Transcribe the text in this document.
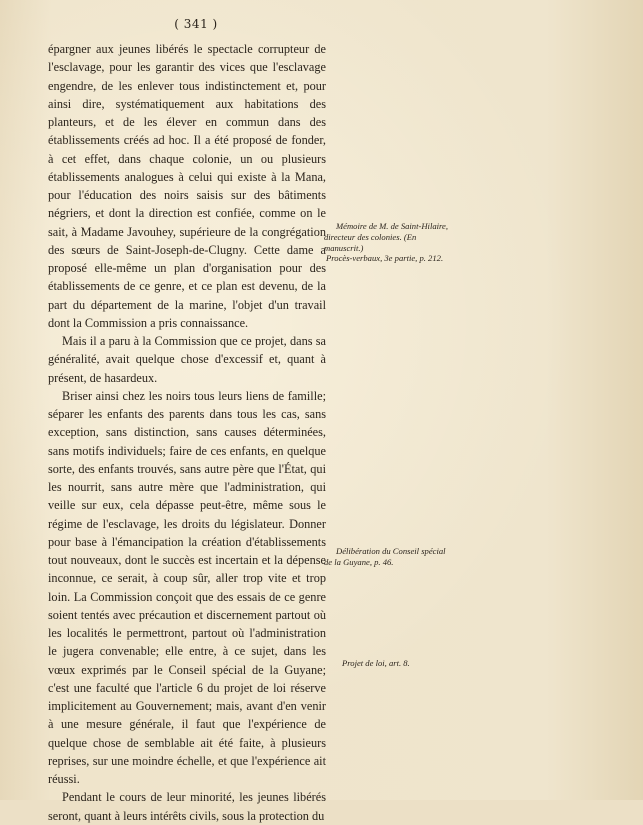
( 341 )

épargner aux jeunes libérés le spectacle corrupteur de l'esclavage, pour les garantir des vices que l'esclavage engendre, de les enlever tous indistinctement et, pour ainsi dire, systématiquement aux habitations des planteurs, et de les élever en commun dans des établissements créés ad hoc. Il a été proposé de fonder, à cet effet, dans chaque colonie, un ou plusieurs établissements analogues à celui qui existe à la Mana, pour l'éducation des noirs saisis sur des bâtiments négriers, et dont la direction est confiée, comme on le sait, à Madame Javouhey, supérieure de la congrégation des sœurs de Saint-Joseph-de-Clugny. Cette dame a proposé elle-même un plan d'organisation pour des établissements de ce genre, et ce plan est devenu, de la part du département de la marine, l'objet d'un travail dont la Commission a pris connaissance.

Mais il a paru à la Commission que ce projet, dans sa généralité, avait quelque chose d'excessif et, quant à présent, de hasardeux.

Briser ainsi chez les noirs tous leurs liens de famille; séparer les enfants des parents dans tous les cas, sans exception, sans distinction, sans causes déterminées, sans motifs individuels; faire de ces enfants, en quelque sorte, des enfants trouvés, sans autre père que l'État, qui les nourrit, sans autre mère que l'administration, qui veille sur eux, cela dépasse peut-être, même sous le régime de l'esclavage, les droits du législateur. Donner pour base à l'émancipation la création d'établissements tout nouveaux, dont le succès est incertain et la dépense inconnue, ce serait, à coup sûr, aller trop vite et trop loin. La Commission conçoit que des essais de ce genre soient tentés avec précaution et discernement partout où les localités le permettront, partout où l'administration le jugera convenable; elle entre, à ce sujet, dans les vœux exprimés par le Conseil spécial de la Guyane; c'est une faculté que l'article 6 du projet de loi réserve implicitement au Gouvernement; mais, avant d'en venir à une mesure générale, il faut que l'expérience de quelque chose de semblable ait été faite, à plusieurs reprises, sur une moindre échelle, et que l'expérience ait réussi.

Pendant le cours de leur minorité, les jeunes libérés seront, quant à leurs intérêts civils, sous la protection du

Mémoire de M. de Saint-Hilaire, directeur des colonies. (En manuscrit.)
Procès-verbaux, 3e partie, p. 212.
Délibération du Conseil spécial de la Guyane, p. 46.
Projet de loi, art. 8.
